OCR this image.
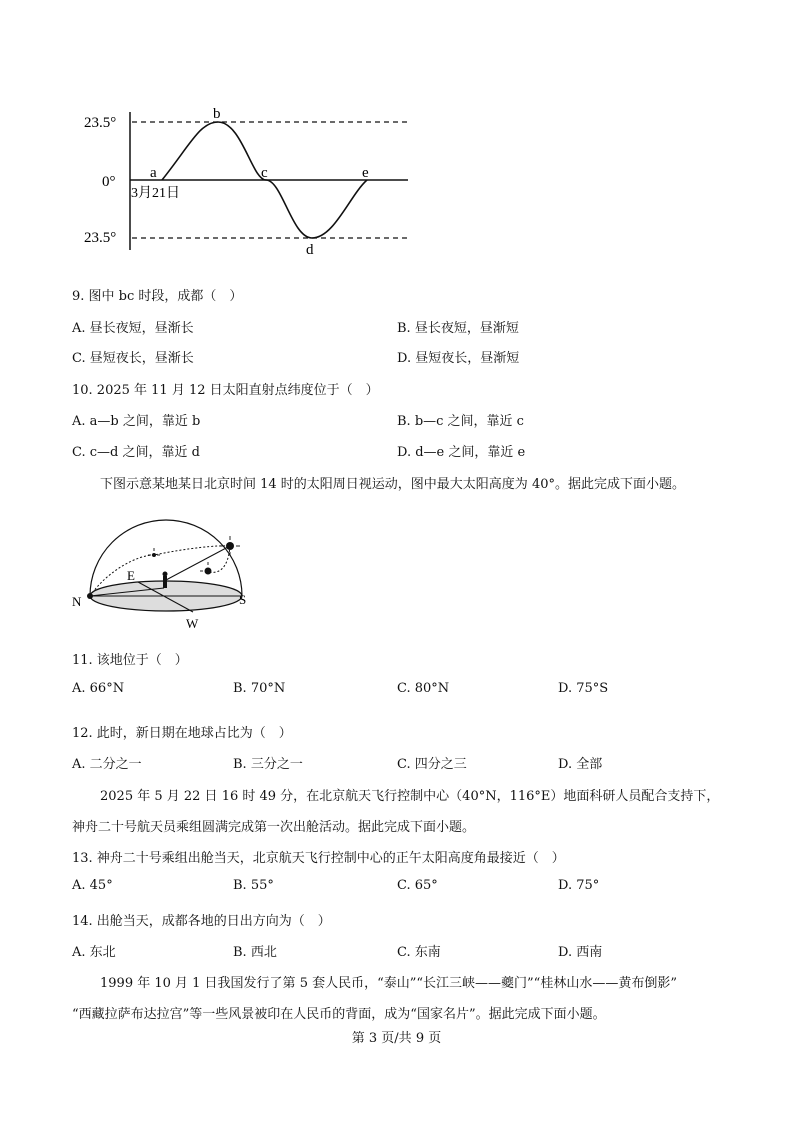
23.5°
0°
23.5°
a
b
c
d
e
3月21日
9. 图中 bc 时段，成都（　）
A. 昼长夜短，昼渐长	B. 昼长夜短，昼渐短
C. 昼短夜长，昼渐长	D. 昼短夜长，昼渐短
10. 2025 年 11 月 12 日太阳直射点纬度位于（　）
A. a—b 之间，靠近 b	B. b—c 之间，靠近 c
C. c—d 之间，靠近 d	D. d—e 之间，靠近 e
下图示意某地某日北京时间 14 时的太阳周日视运动，图中最大太阳高度为 40°。据此完成下面小题。
N	S
E
W
11. 该地位于（　）
A. 66°N	B. 70°N	C. 80°N	D. 75°S
12. 此时，新日期在地球占比为（　）
A. 二分之一	B. 三分之一	C. 四分之三	D. 全部
2025 年 5 月 22 日 16 时 49 分，在北京航天飞行控制中心（40°N，116°E）地面科研人员配合支持下，
神舟二十号航天员乘组圆满完成第一次出舱活动。据此完成下面小题。
13. 神舟二十号乘组出舱当天，北京航天飞行控制中心的正午太阳高度角最接近（　）
A. 45°	B. 55°	C. 65°	D. 75°
14. 出舱当天，成都各地的日出方向为（　）
A. 东北	B. 西北	C. 东南	D. 西南
1999 年 10 月 1 日我国发行了第 5 套人民币，“泰山”“长江三峡——夔门”“桂林山水——黄布倒影”
“西藏拉萨布达拉宫”等一些风景被印在人民币的背面，成为“国家名片”。据此完成下面小题。
第 3 页/共 9 页
